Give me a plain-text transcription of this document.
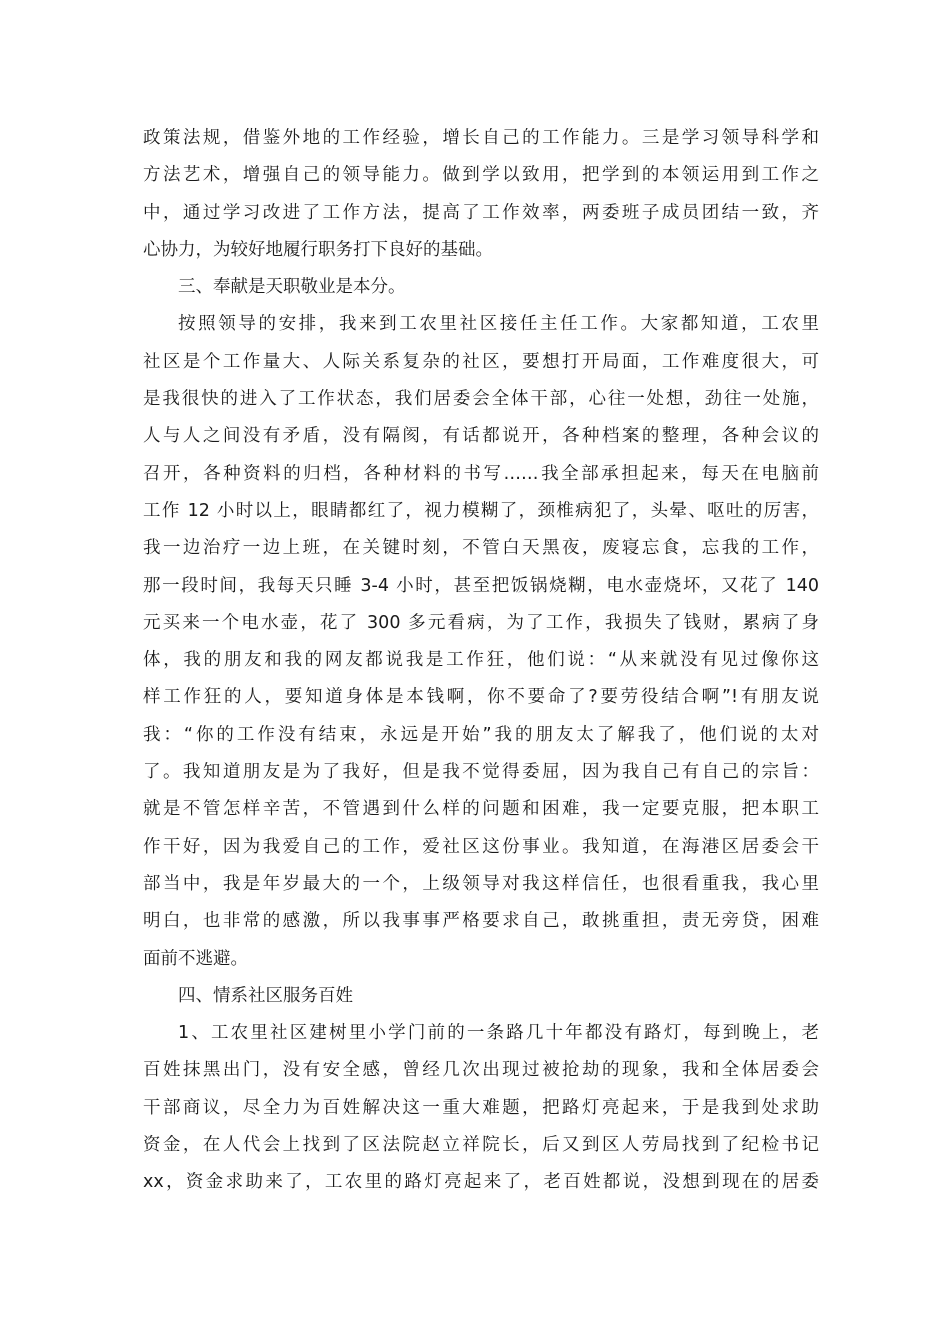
政策法规，借鉴外地的工作经验，增长自己的工作能力。三是学习领导科学和
方法艺术，增强自己的领导能力。做到学以致用，把学到的本领运用到工作之
中，通过学习改进了工作方法，提高了工作效率，两委班子成员团结一致，齐
心协力，为较好地履行职务打下良好的基础。
三、奉献是天职敬业是本分。
按照领导的安排，我来到工农里社区接任主任工作。大家都知道，工农里
社区是个工作量大、人际关系复杂的社区，要想打开局面，工作难度很大，可
是我很快的进入了工作状态，我们居委会全体干部，心往一处想，劲往一处施，
人与人之间没有矛盾，没有隔阂，有话都说开，各种档案的整理，各种会议的
召开，各种资料的归档，各种材料的书写……我全部承担起来，每天在电脑前
工作 12 小时以上，眼睛都红了，视力模糊了，颈椎病犯了，头晕、呕吐的厉害，
我一边治疗一边上班，在关键时刻，不管白天黑夜，废寝忘食，忘我的工作，
那一段时间，我每天只睡 3-4 小时，甚至把饭锅烧糊，电水壶烧坏，又花了 140
元买来一个电水壶，花了 300 多元看病，为了工作，我损失了钱财，累病了身
体，我的朋友和我的网友都说我是工作狂，他们说：“从来就没有见过像你这
样工作狂的人，要知道身体是本钱啊，你不要命了?要劳役结合啊”!有朋友说
我：“你的工作没有结束，永远是开始”我的朋友太了解我了，他们说的太对
了。我知道朋友是为了我好，但是我不觉得委屈，因为我自己有自己的宗旨：
就是不管怎样辛苦，不管遇到什么样的问题和困难，我一定要克服，把本职工
作干好，因为我爱自己的工作，爱社区这份事业。我知道，在海港区居委会干
部当中，我是年岁最大的一个，上级领导对我这样信任，也很看重我，我心里
明白，也非常的感激，所以我事事严格要求自己，敢挑重担，责无旁贷，困难
面前不逃避。
四、情系社区服务百姓
1、工农里社区建树里小学门前的一条路几十年都没有路灯，每到晚上，老
百姓抹黑出门，没有安全感，曾经几次出现过被抢劫的现象，我和全体居委会
干部商议，尽全力为百姓解决这一重大难题，把路灯亮起来，于是我到处求助
资金，在人代会上找到了区法院赵立祥院长，后又到区人劳局找到了纪检书记
xx，资金求助来了，工农里的路灯亮起来了，老百姓都说，没想到现在的居委
